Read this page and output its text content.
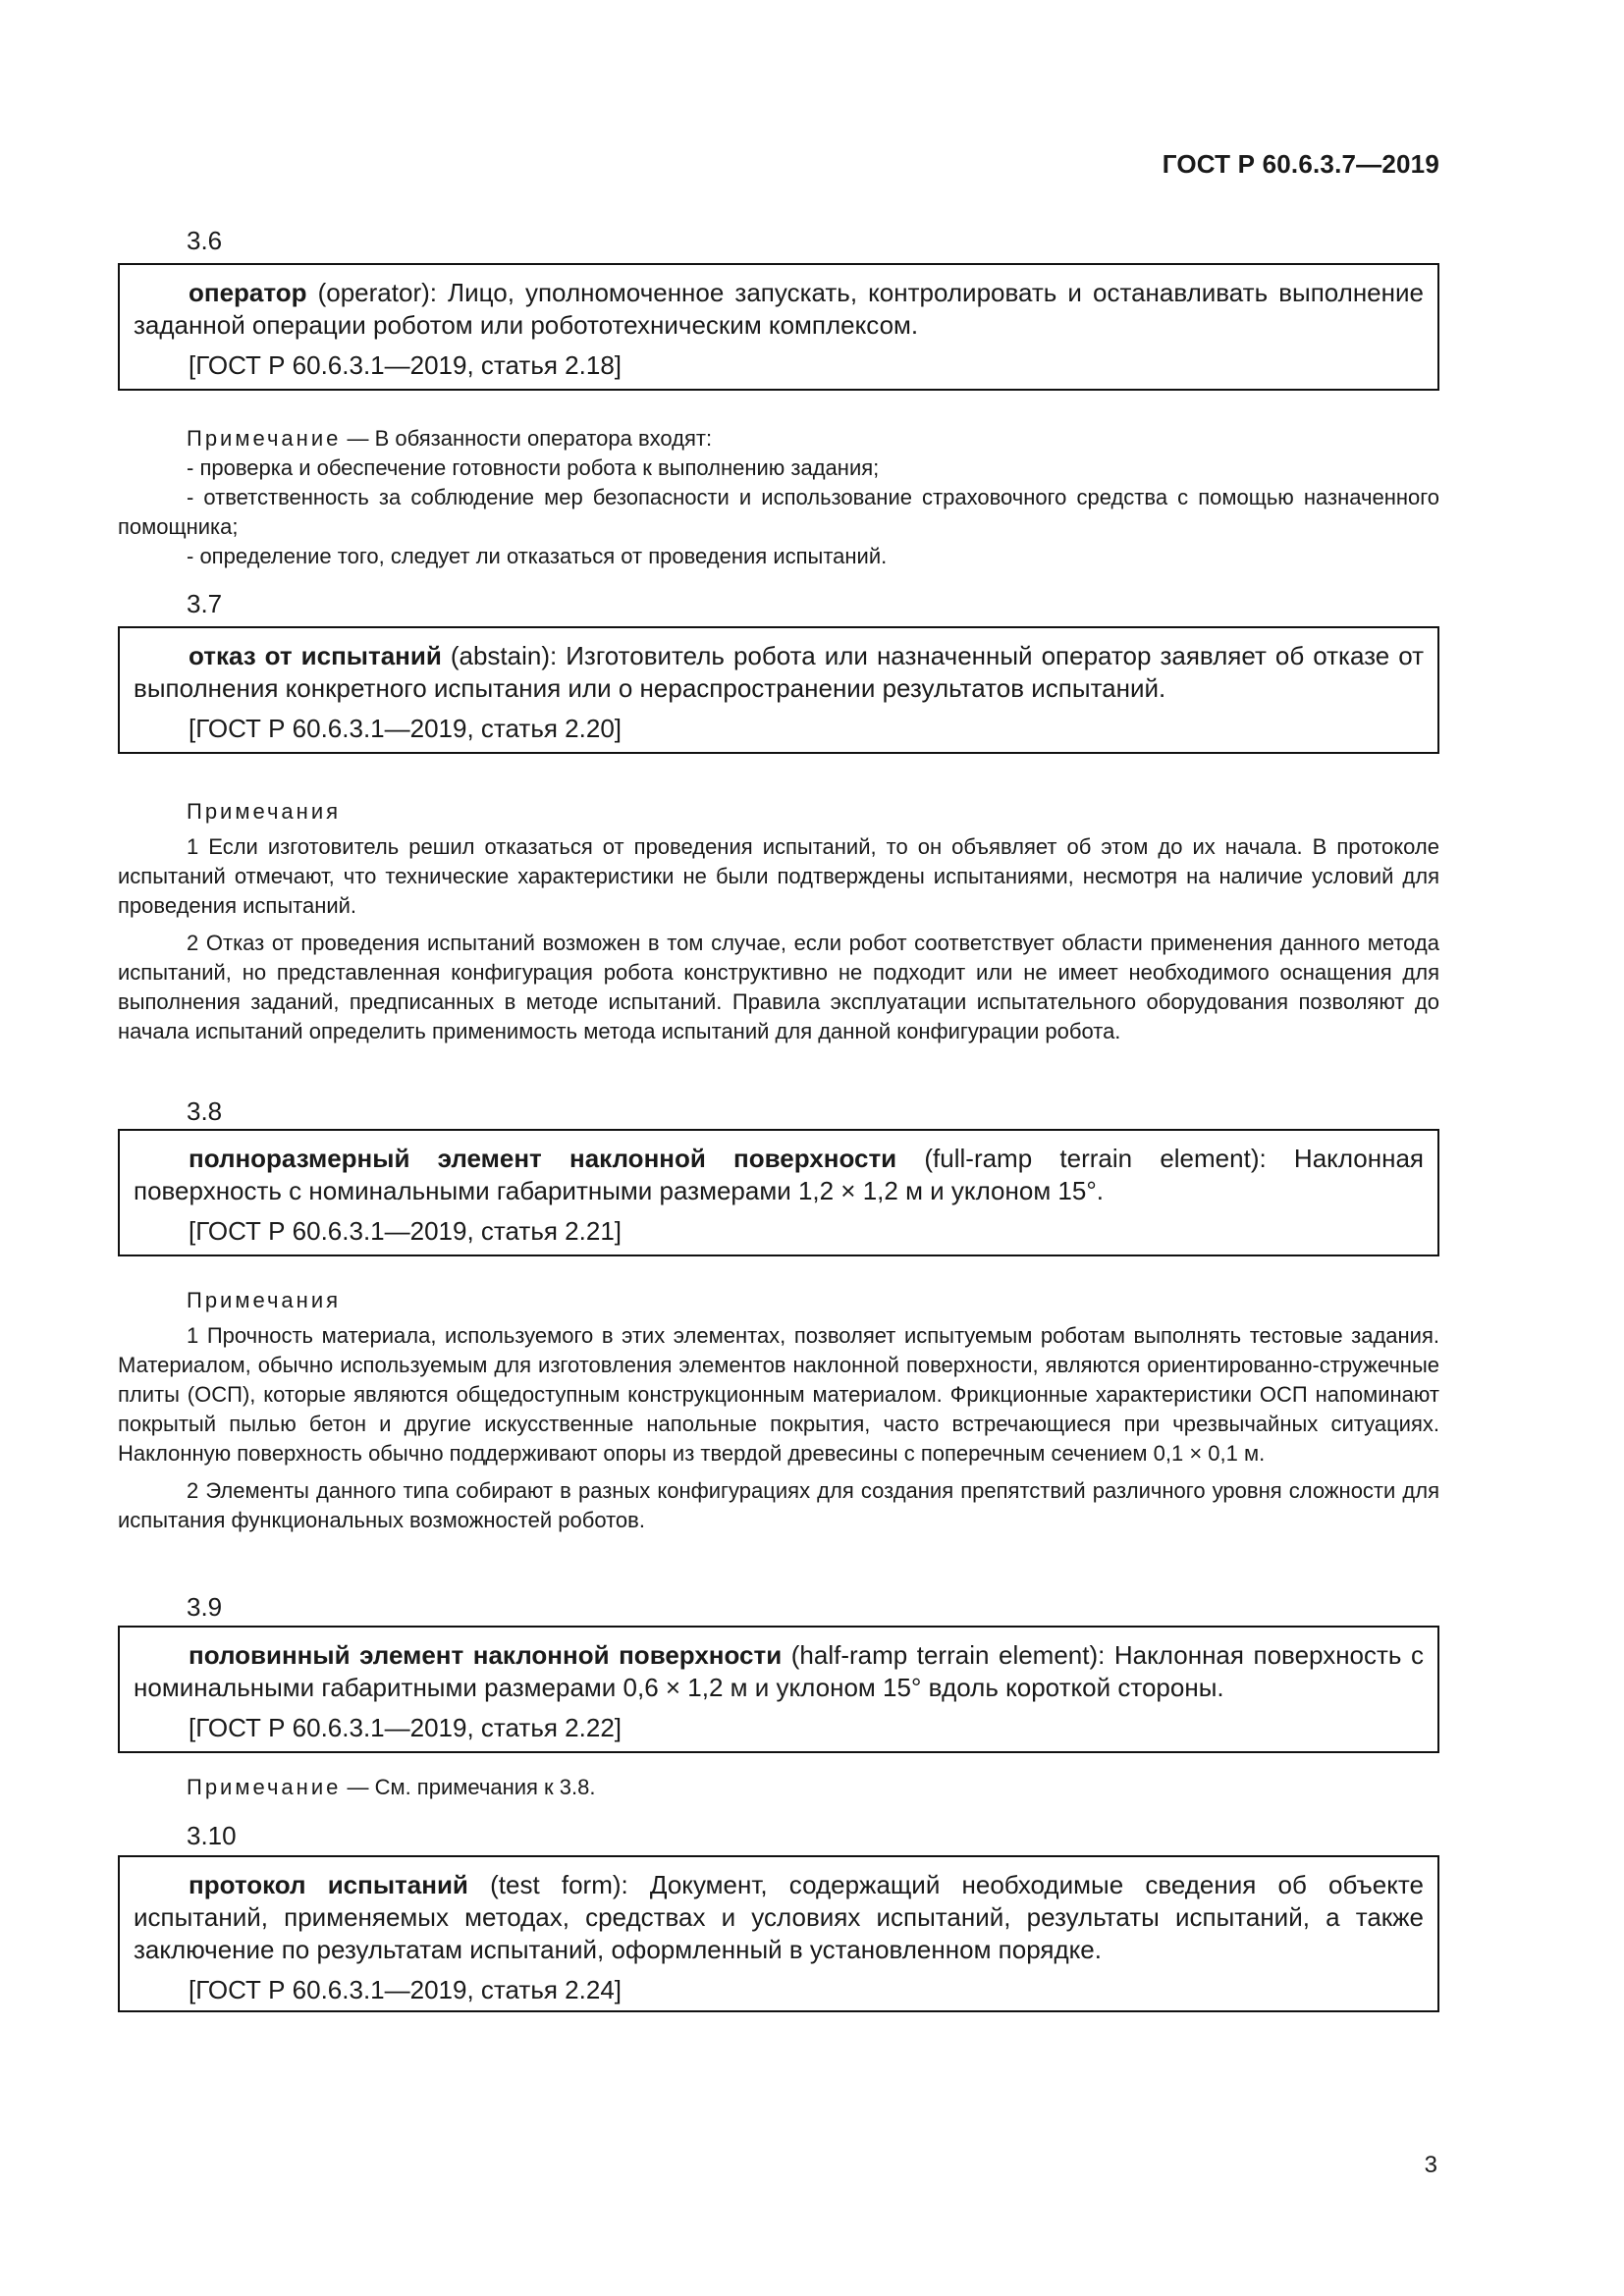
ГОСТ Р 60.6.3.7—2019
3.6

оператор (operator): Лицо, уполномоченное запускать, контролировать и останавливать выполнение заданной операции роботом или робототехническим комплексом.

[ГОСТ Р 60.6.3.1—2019, статья 2.18]

Примечание — В обязанности оператора входят:

- проверка и обеспечение готовности робота к выполнению задания;

- ответственность за соблюдение мер безопасности и использование страховочного средства с помощью назначенного помощника;

- определение того, следует ли отказаться от проведения испытаний.

3.7

отказ от испытаний (abstain): Изготовитель робота или назначенный оператор заявляет об отказе от выполнения конкретного испытания или о нераспространении результатов испытаний.

[ГОСТ Р 60.6.3.1—2019, статья 2.20]

Примечания

1 Если изготовитель решил отказаться от проведения испытаний, то он объявляет об этом до их начала. В протоколе испытаний отмечают, что технические характеристики не были подтверждены испытаниями, несмотря на наличие условий для проведения испытаний.

2 Отказ от проведения испытаний возможен в том случае, если робот соответствует области применения данного метода испытаний, но представленная конфигурация робота конструктивно не подходит или не имеет необходимого оснащения для выполнения заданий, предписанных в методе испытаний. Правила эксплуатации испытательного оборудования позволяют до начала испытаний определить применимость метода испытаний для данной конфигурации робота.

3.8

полноразмерный элемент наклонной поверхности (full-ramp terrain element): Наклонная поверхность с номинальными габаритными размерами 1,2 × 1,2 м и уклоном 15°.

[ГОСТ Р 60.6.3.1—2019, статья 2.21]

Примечания

1 Прочность материала, используемого в этих элементах, позволяет испытуемым роботам выполнять тестовые задания. Материалом, обычно используемым для изготовления элементов наклонной поверхности, являются ориентированно-стружечные плиты (ОСП), которые являются общедоступным конструкционным материалом. Фрикционные характеристики ОСП напоминают покрытый пылью бетон и другие искусственные напольные покрытия, часто встречающиеся при чрезвычайных ситуациях. Наклонную поверхность обычно поддерживают опоры из твердой древесины с поперечным сечением 0,1 × 0,1 м.

2 Элементы данного типа собирают в разных конфигурациях для создания препятствий различного уровня сложности для испытания функциональных возможностей роботов.

3.9

половинный элемент наклонной поверхности (half-ramp terrain element): Наклонная поверхность с номинальными габаритными размерами 0,6 × 1,2 м и уклоном 15° вдоль короткой стороны.

[ГОСТ Р 60.6.3.1—2019, статья 2.22]

Примечание — См. примечания к 3.8.

3.10

протокол испытаний (test form): Документ, содержащий необходимые сведения об объекте испытаний, применяемых методах, средствах и условиях испытаний, результаты испытаний, а также заключение по результатам испытаний, оформленный в установленном порядке.

[ГОСТ Р 60.6.3.1—2019, статья 2.24]

3
